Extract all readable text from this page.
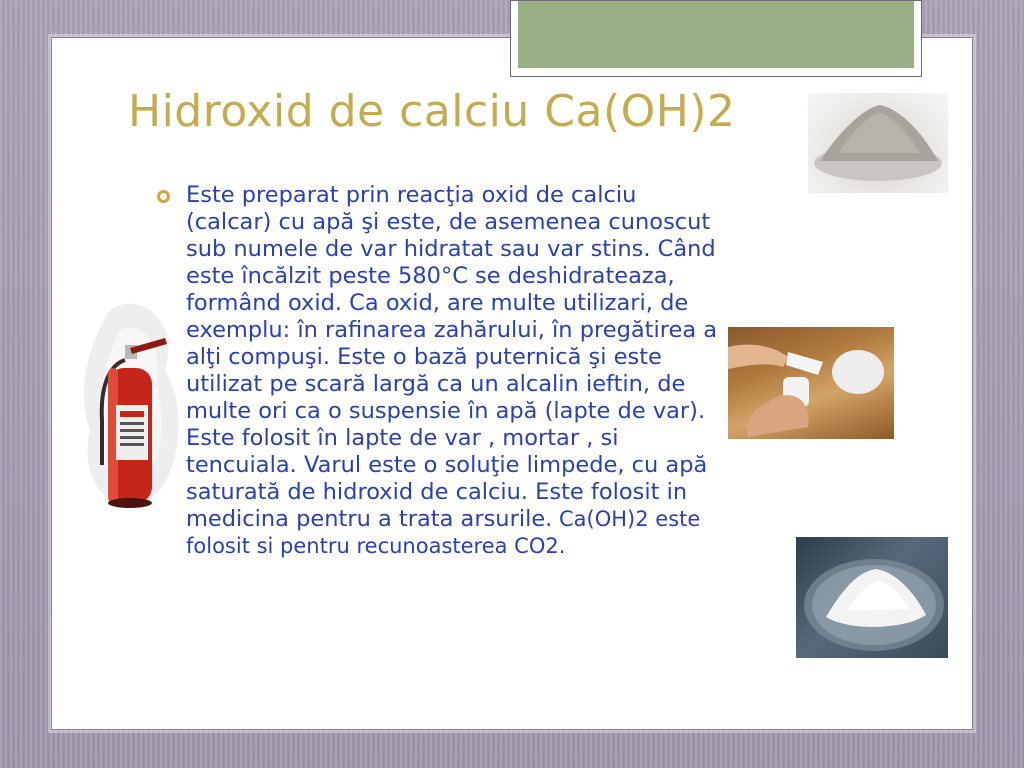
Hidroxid de calciu Ca(OH)2
Este preparat prin reacţia oxid de calciu (calcar) cu apă şi este, de asemenea cunoscut sub numele de var hidratat sau var stins. Când este încălzit peste 580°C se deshidrateaza, formând oxid. Ca oxid, are multe utilizari, de exemplu: în rafinarea zahărului, în pregătirea a alţi compuşi. Este o bază puternică şi este utilizat pe scară largă ca un alcalin ieftin, de multe ori ca o suspensie în apă (lapte de var). Este folosit în lapte de var , mortar , si tencuiala. Varul este o soluţie limpede, cu apă saturată de hidroxid de calciu. Este folosit in medicina pentru a trata arsurile. Ca(OH)2 este folosit si pentru recunoasterea CO2.
